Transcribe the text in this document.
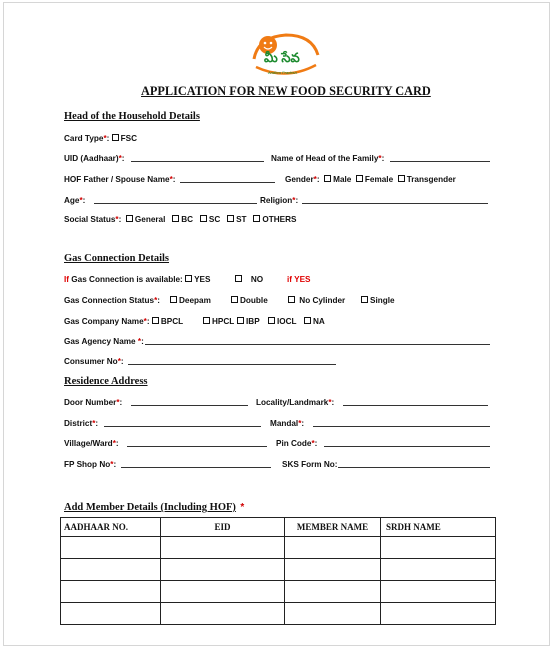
మీ సేవ
Andhra Pradesh
APPLICATION FOR NEW FOOD SECURITY CARD
Head of the Household Details
Card Type*: FSC
UID (Aadhaar)*:	Name of Head of the Family*:
HOF Father / Spouse Name*:	Gender*:  Male Female Transgender
Age*:	Religion*:
Social Status*:  General BC SC ST OTHERS
Gas Connection Details
If Gas Connection is available: YES	NO	if YES
Gas Connection Status*:	Deepam	Double	No Cylinder	Single
Gas Company Name*: BPCL	HPCL	IBP	IOCL	NA
Gas Agency Name *:
Consumer No*:
Residence Address
Door Number*:	Locality/Landmark*:
District*:	Mandal*:
Village/Ward*:	Pin Code*:
FP Shop No*:	SKS Form No:
Add Member Details (Including HOF) *
AADHAAR NO.	EID	MEMBER NAME	SRDH NAME
